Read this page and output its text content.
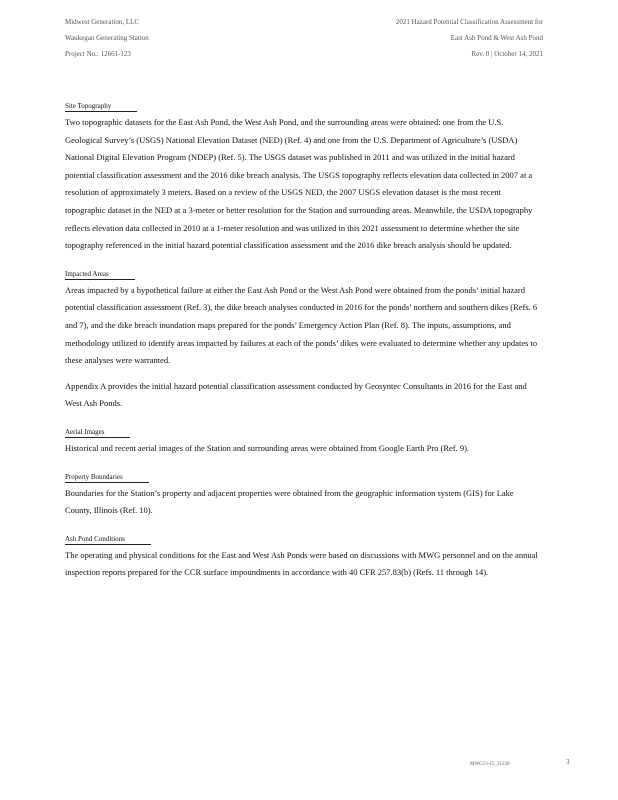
Midwest Generation, LLC
Waukegan Generating Station
Project No.: 12661-123
2021 Hazard Potential Classification Assessment for
East Ash Pond & West Ash Pond
Rev. 0 | October 14, 2021
Site Topography

Two topographic datasets for the East Ash Pond, the West Ash Pond, and the surrounding areas were obtained: one from the U.S. Geological Survey’s (USGS) National Elevation Dataset (NED) (Ref. 4) and one from the U.S. Department of Agriculture’s (USDA) National Digital Elevation Program (NDEP) (Ref. 5). The USGS dataset was published in 2011 and was utilized in the initial hazard potential classification assessment and the 2016 dike breach analysis. The USGS topography reflects elevation data collected in 2007 at a resolution of approximately 3 meters. Based on a review of the USGS NED, the 2007 USGS elevation dataset is the most recent topographic dataset in the NED at a 3-meter or better resolution for the Station and surrounding areas. Meanwhile, the USDA topography reflects elevation data collected in 2010 at a 1-meter resolution and was utilized in this 2021 assessment to determine whether the site topography referenced in the initial hazard potential classification assessment and the 2016 dike breach analysis should be updated.

Impacted Areas

Areas impacted by a hypothetical failure at either the East Ash Pond or the West Ash Pond were obtained from the ponds’ initial hazard potential classification assessment (Ref. 3), the dike breach analyses conducted in 2016 for the ponds’ northern and southern dikes (Refs. 6 and 7), and the dike breach inundation maps prepared for the ponds’ Emergency Action Plan (Ref. 8). The inputs, assumptions, and methodology utilized to identify areas impacted by failures at each of the ponds’ dikes were evaluated to determine whether any updates to these analyses were warranted.

Appendix A provides the initial hazard potential classification assessment conducted by Geosyntec Consultants in 2016 for the East and West Ash Ponds.

Aerial Images

Historical and recent aerial images of the Station and surrounding areas were obtained from Google Earth Pro (Ref. 9).

Property Boundaries

Boundaries for the Station’s property and adjacent properties were obtained from the geographic information system (GIS) for Lake County, Illinois (Ref. 10).

Ash Pond Conditions

The operating and physical conditions for the East and West Ash Ponds were based on discussions with MWG personnel and on the annual inspection reports prepared for the CCR surface impoundments in accordance with 40 CFR 257.83(b) (Refs. 11 through 14).

MWG13-15_31230	3
